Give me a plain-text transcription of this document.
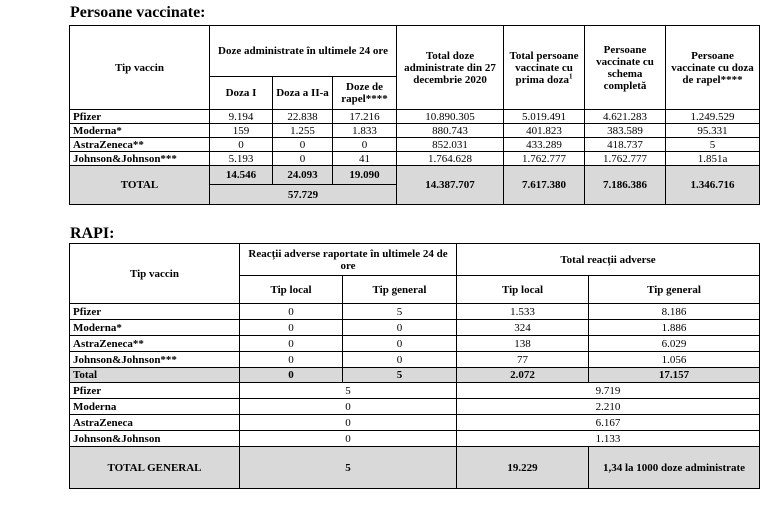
Persoane vaccinate:
Tip vaccin	Doze administrate în ultimele 24 ore			Total doze administrate din 27 decembrie 2020	Total persoane vaccinate cu prima doza$^1$	Persoane vaccinate cu schema completă	Persoane vaccinate cu doza de rapel****
	Doza I	Doza a II-a	Doze de rapel****				
Pfizer	9.194	22.838	17.216	10.890.305	5.019.491	4.621.283	1.249.529
Moderna*	159	1.255	1.833	880.743	401.823	383.589	95.331
AstraZeneca**	0	0	0	852.031	433.289	418.737	5
Johnson&Johnson***	5.193	0	41	1.764.628	1.762.777	1.762.777	1.851a
TOTAL	14.546	24.093	19.090	14.387.707	7.617.380	7.186.386	1.346.716
	57.729						
RAPI:
Tip vaccin	Reacții adverse raportate în ultimele 24 de ore		Total reacții adverse	
	Tip local	Tip general	Tip local	Tip general
Pfizer	0	5	1.533	8.186
Moderna*	0	0	324	1.886
AstraZeneca**	0	0	138	6.029
Johnson&Johnson***	0	0	77	1.056
Total	0	5	2.072	17.157
Pfizer	5		9.719	
Moderna	0		2.210	
AstraZeneca	0		6.167	
Johnson&Johnson	0		1.133	
TOTAL GENERAL	5		19.229	1,34 la 1000 doze administrate
